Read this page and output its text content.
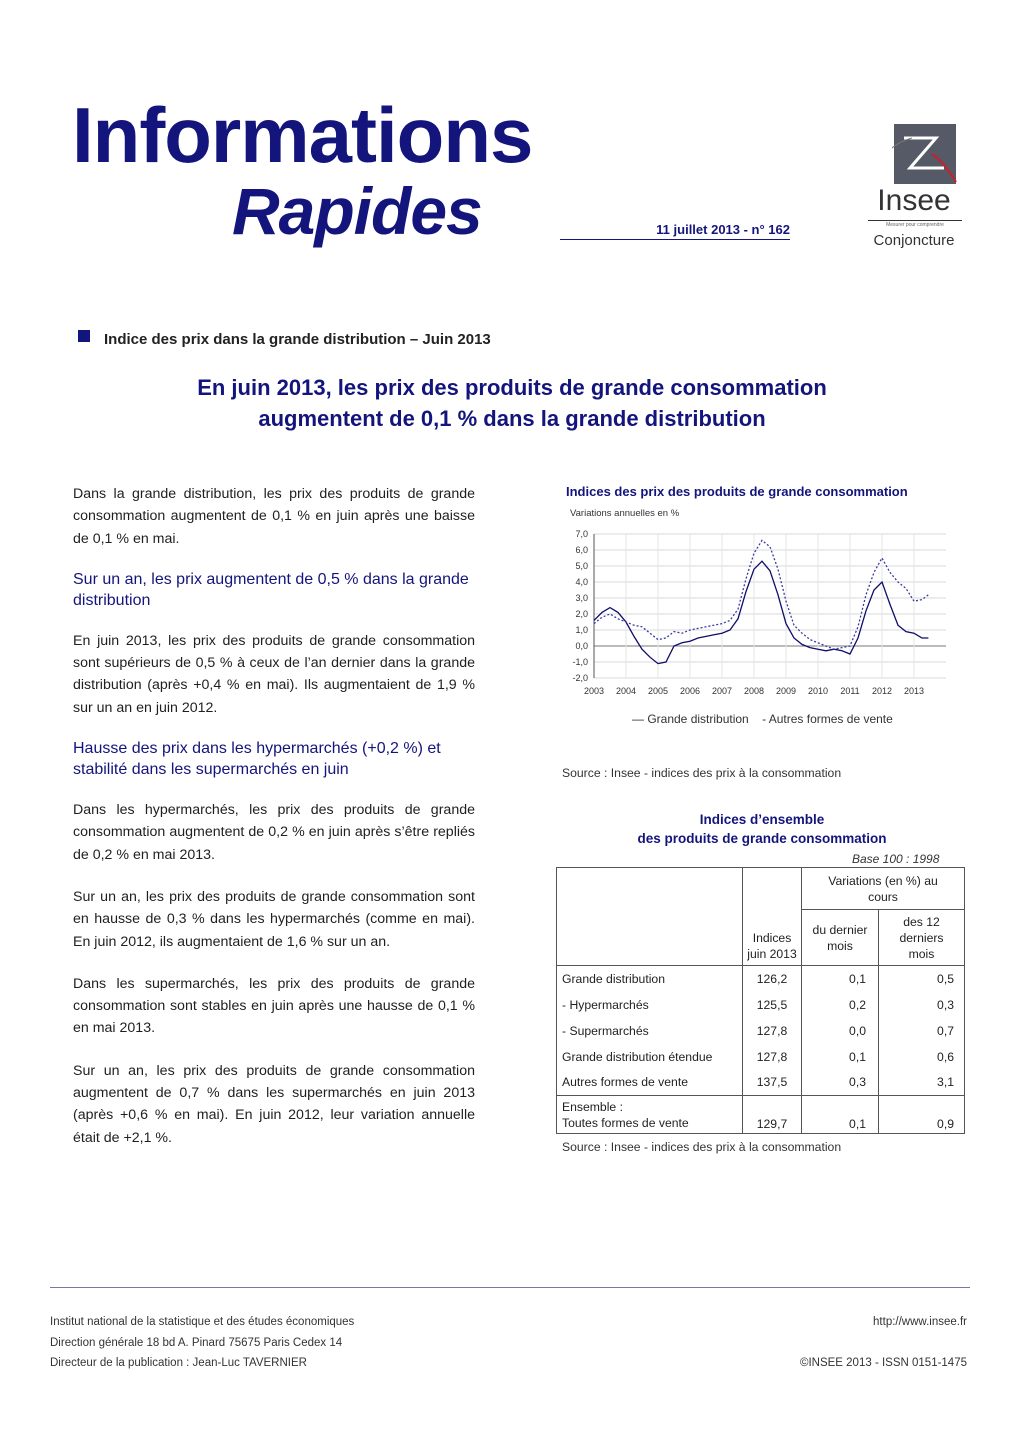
Informations
Rapides	11 juillet 2013 - n° 162
Insee
Mesurer pour comprendre
Conjoncture
Indice des prix dans la grande distribution – Juin 2013
En juin 2013, les prix des produits de grande consommation
augmentent de 0,1 % dans la grande distribution

Dans la grande distribution, les prix des produits de grande consommation augmentent de 0,1 % en juin après une baisse de 0,1 % en mai.

Sur un an, les prix augmentent de 0,5 % dans la grande distribution

En juin 2013, les prix des produits de grande consommation sont supérieurs de 0,5 % à ceux de l’an dernier dans la grande distribution (après +0,4 % en mai). Ils augmentaient de 1,9 % sur un an en juin 2012.

Hausse des prix dans les hypermarchés (+0,2 %) et stabilité dans les supermarchés en juin

Dans les hypermarchés, les prix des produits de grande consommation augmentent de 0,2 % en juin après s’être repliés de 0,2 % en mai 2013.

Sur un an, les prix des produits de grande consommation sont en hausse de 0,3 % dans les hypermarchés (comme en mai). En juin 2012, ils augmentaient de 1,6 % sur un an.

Dans les supermarchés, les prix des produits de grande consommation sont stables en juin après une hausse de 0,1 % en mai 2013.

Sur un an, les prix des produits de grande consommation augmentent de 0,7 % dans les supermarchés en juin 2013 (après +0,6 % en mai). En juin 2012, leur variation annuelle était de +2,1 %.

Indices des prix des produits de grande consommation
Variations annuelles en %
7,0
6,0
5,0
4,0
3,0
2,0
1,0
0,0
-1,0
-2,0
2003 2004 2005 2006 2007 2008 2009 2010 2011 2012 2013
— Grande distribution - Autres formes de vente
Source : Insee - indices des prix à la consommation
Indices d’ensemble
des produits de grande consommation
Base 100 : 1998
	Indices juin 2013	Variations (en %) au cours	
		du dernier mois	des 12 derniers mois
Grande distribution	126,2	0,1	0,5
- Hypermarchés	125,5	0,2	0,3
- Supermarchés	127,8	0,0	0,7
Grande distribution étendue	127,8	0,1	0,6
Autres formes de vente	137,5	0,3	3,1

Ensemble :
Toutes formes de vente	129,7	0,1	0,9
Source : Insee - indices des prix à la consommation
Institut national de la statistique et des études économiques
Direction générale 18 bd A. Pinard 75675 Paris Cedex 14
Directeur de la publication : Jean-Luc TAVERNIER
http://www.insee.fr
©INSEE 2013 - ISSN 0151-1475
